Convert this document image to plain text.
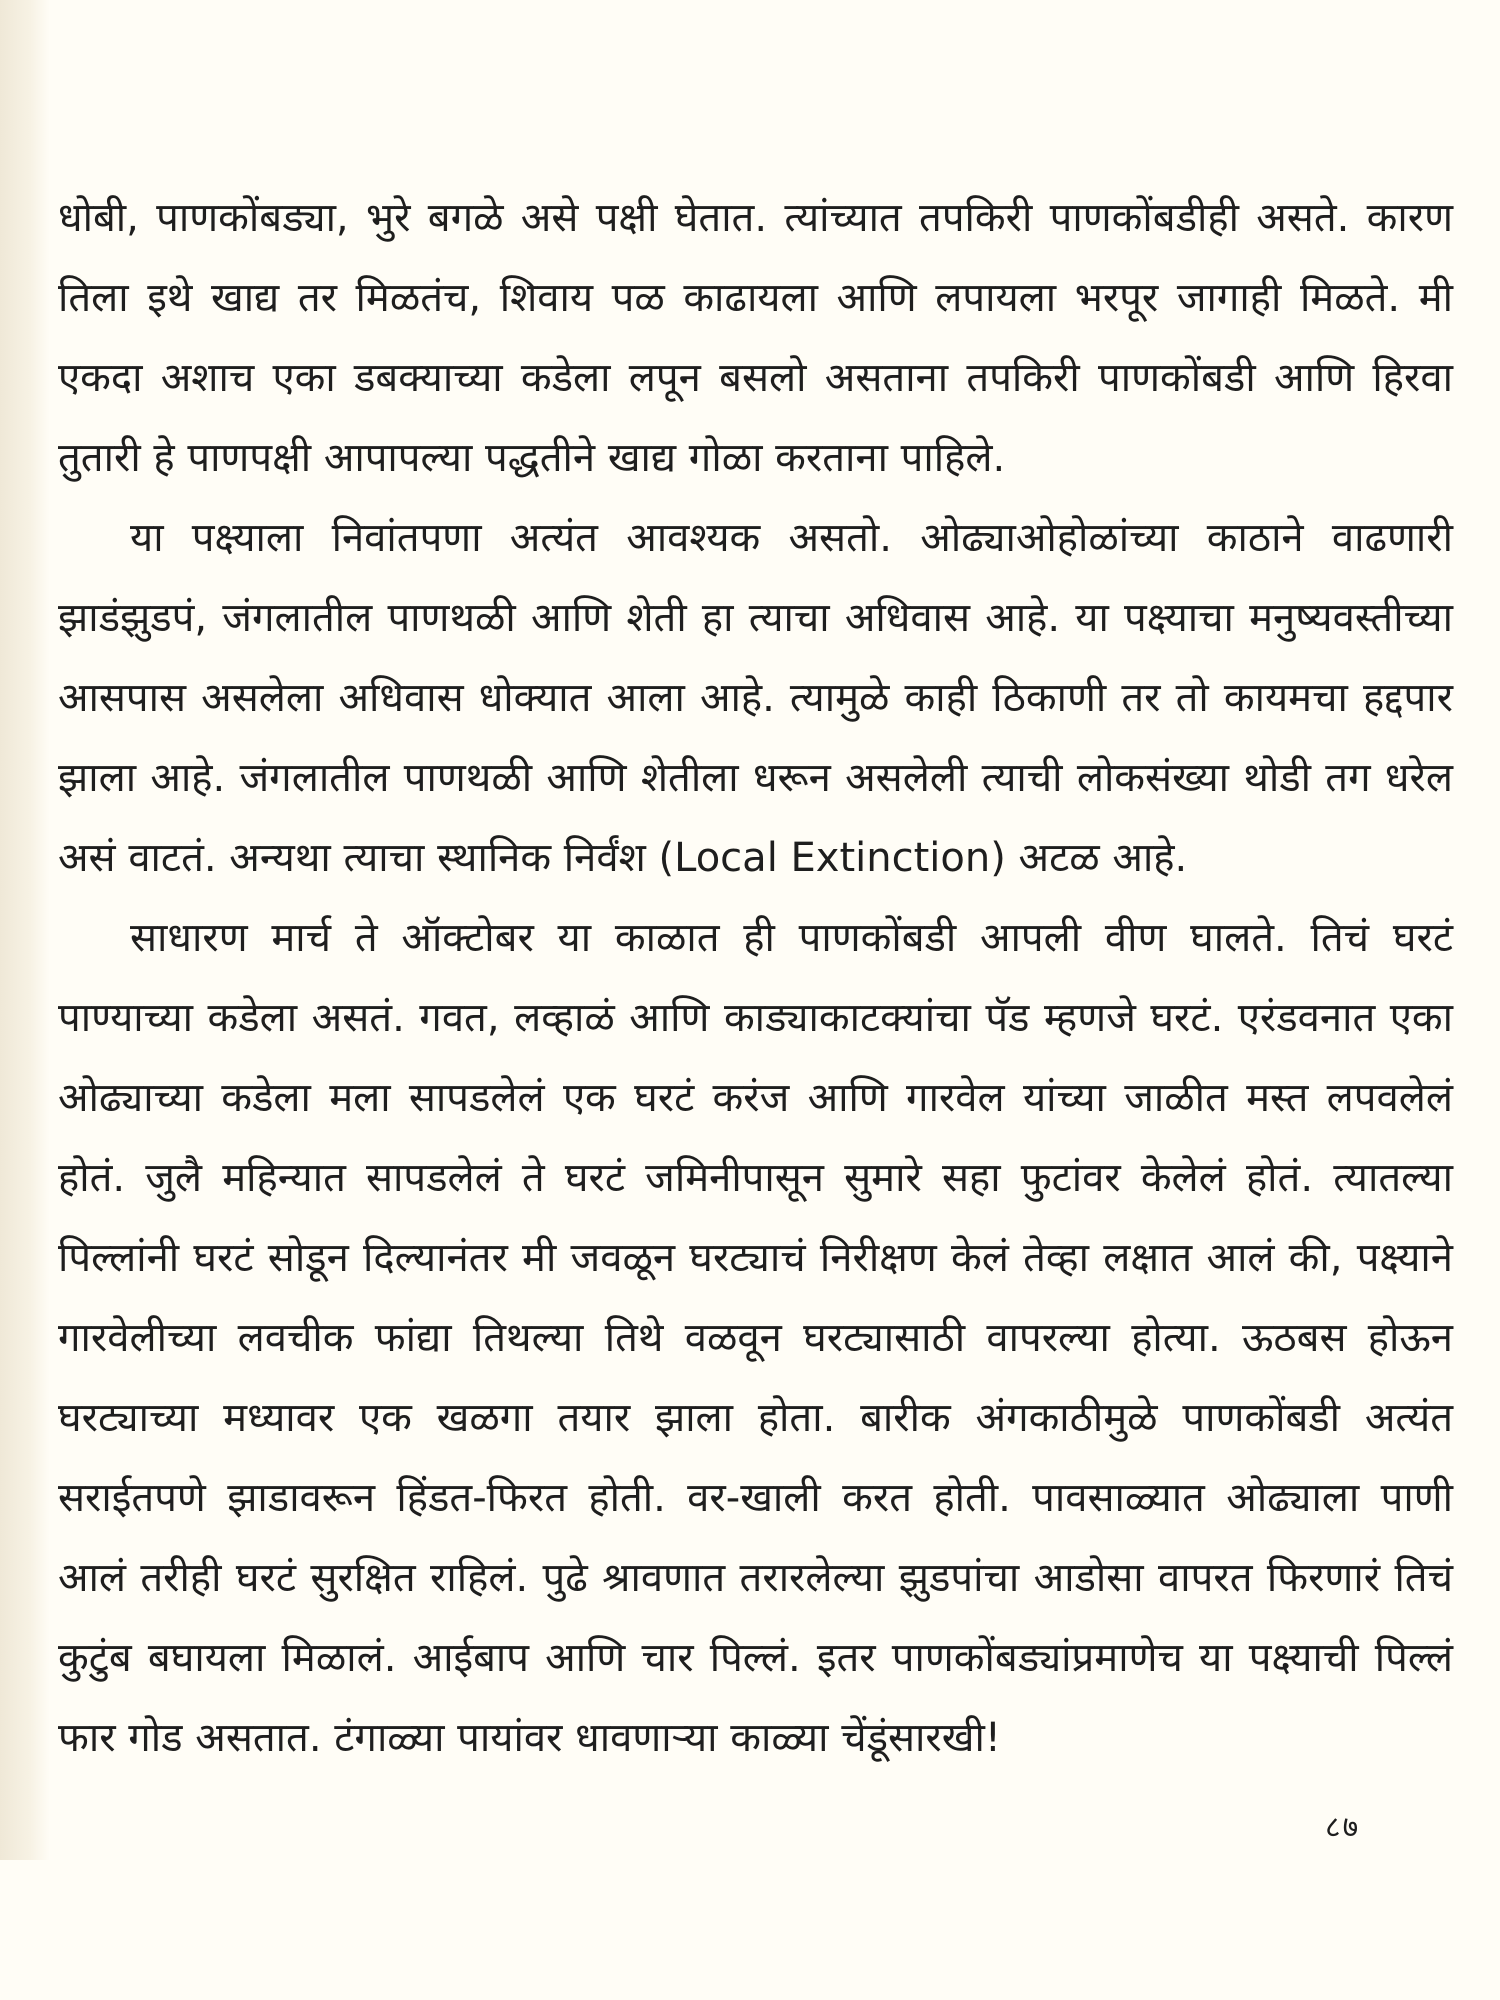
धोबी, पाणकोंबड्या, भुरे बगळे असे पक्षी घेतात. त्यांच्यात तपकिरी पाणकोंबडीही असते. कारण तिला इथे खाद्य तर मिळतंच, शिवाय पळ काढायला आणि लपायला भरपूर जागाही मिळते. मी एकदा अशाच एका डबक्याच्या कडेला लपून बसलो असताना तपकिरी पाणकोंबडी आणि हिरवा तुतारी हे पाणपक्षी आपापल्या पद्धतीने खाद्य गोळा करताना पाहिले.

या पक्ष्याला निवांतपणा अत्यंत आवश्यक असतो. ओढ्याओहोळांच्या काठाने वाढणारी झाडंझुडपं, जंगलातील पाणथळी आणि शेती हा त्याचा अधिवास आहे. या पक्ष्याचा मनुष्यवस्तीच्या आसपास असलेला अधिवास धोक्यात आला आहे. त्यामुळे काही ठिकाणी तर तो कायमचा हद्दपार झाला आहे. जंगलातील पाणथळी आणि शेतीला धरून असलेली त्याची लोकसंख्या थोडी तग धरेल असं वाटतं. अन्यथा त्याचा स्थानिक निर्वंश (Local Extinction) अटळ आहे.

साधारण मार्च ते ऑक्टोबर या काळात ही पाणकोंबडी आपली वीण घालते. तिचं घरटं पाण्याच्या कडेला असतं. गवत, लव्हाळं आणि काड्याकाटक्यांचा पॅड म्हणजे घरटं. एरंडवनात एका ओढ्याच्या कडेला मला सापडलेलं एक घरटं करंज आणि गारवेल यांच्या जाळीत मस्त लपवलेलं होतं. जुलै महिन्यात सापडलेलं ते घरटं जमिनीपासून सुमारे सहा फुटांवर केलेलं होतं. त्यातल्या पिल्लांनी घरटं सोडून दिल्यानंतर मी जवळून घरट्याचं निरीक्षण केलं तेव्हा लक्षात आलं की, पक्ष्याने गारवेलीच्या लवचीक फांद्या तिथल्या तिथे वळवून घरट्यासाठी वापरल्या होत्या. ऊठबस होऊन घरट्याच्या मध्यावर एक खळगा तयार झाला होता. बारीक अंगकाठीमुळे पाणकोंबडी अत्यंत सराईतपणे झाडावरून हिंडत-फिरत होती. वर-खाली करत होती. पावसाळ्यात ओढ्याला पाणी आलं तरीही घरटं सुरक्षित राहिलं. पुढे श्रावणात तरारलेल्या झुडपांचा आडोसा वापरत फिरणारं तिचं कुटुंब बघायला मिळालं. आईबाप आणि चार पिल्लं. इतर पाणकोंबड्यांप्रमाणेच या पक्ष्याची पिल्लं फार गोड असतात. टंगाळ्या पायांवर धावणाऱ्या काळ्या चेंडूंसारखी!

८७
